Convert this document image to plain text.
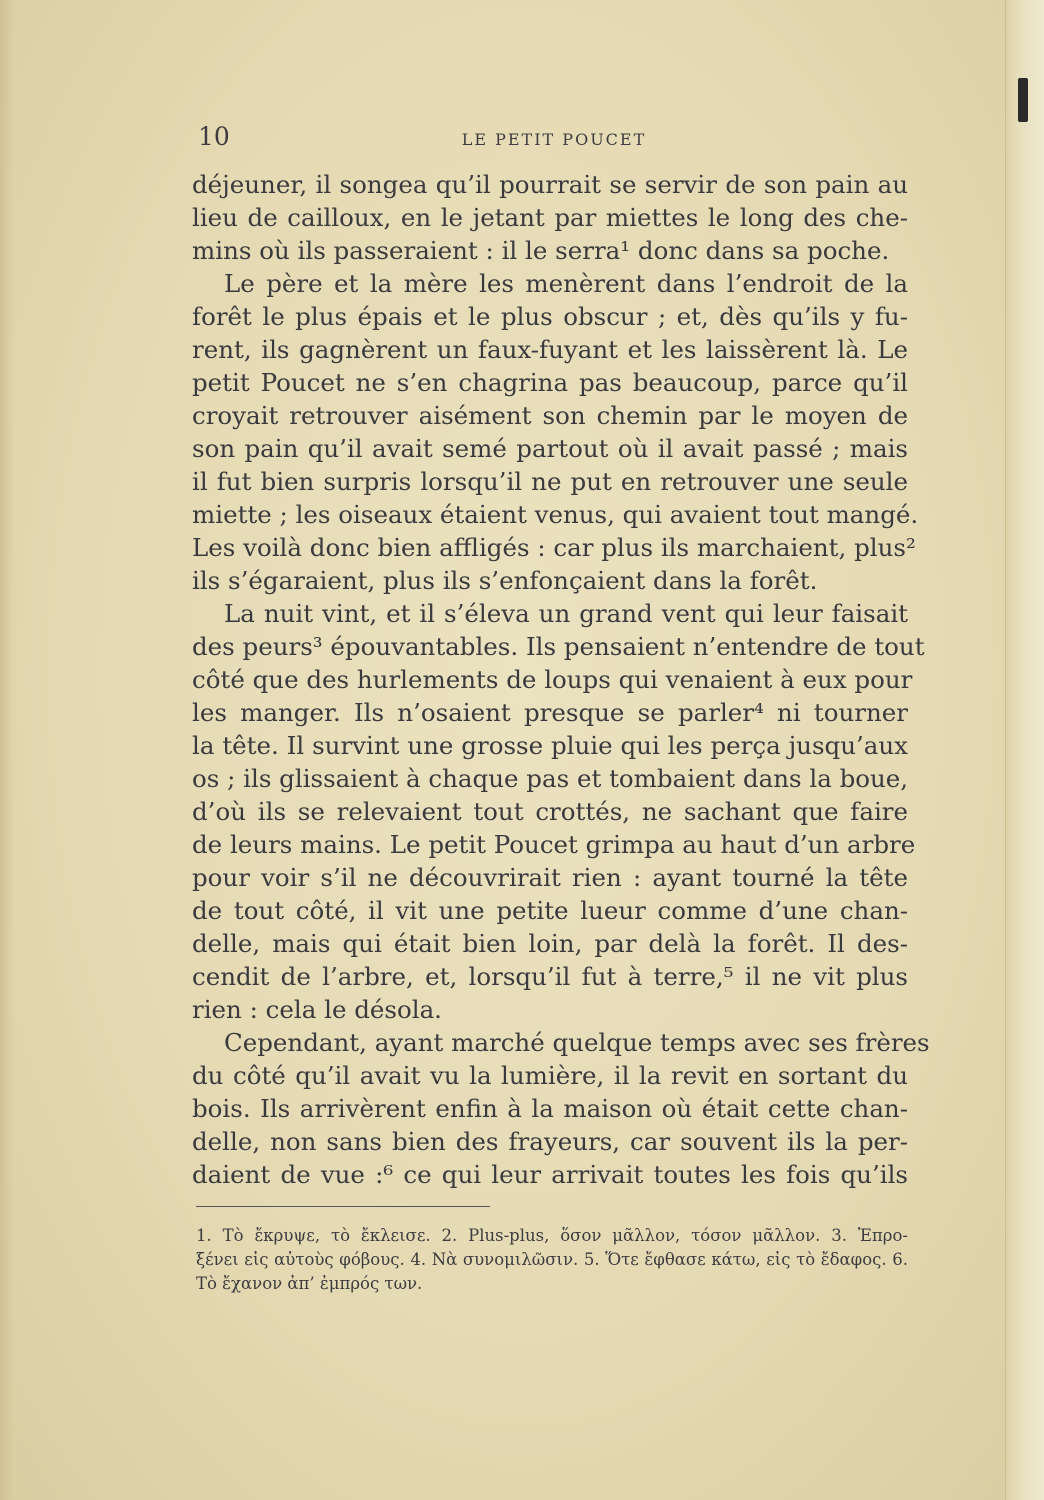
10	LE PETIT POUCET
déjeuner, il songea qu’il pourrait se servir de son pain au
lieu de cailloux, en le jetant par miettes le long des che-
mins où ils passeraient : il le serra¹ donc dans sa poche.
Le père et la mère les menèrent dans l’endroit de la
forêt le plus épais et le plus obscur ; et, dès qu’ils y fu-
rent, ils gagnèrent un faux-fuyant et les laissèrent là. Le
petit Poucet ne s’en chagrina pas beaucoup, parce qu’il
croyait retrouver aisément son chemin par le moyen de
son pain qu’il avait semé partout où il avait passé ; mais
il fut bien surpris lorsqu’il ne put en retrouver une seule
miette ; les oiseaux étaient venus, qui avaient tout mangé.
Les voilà donc bien affligés : car plus ils marchaient, plus²
ils s’égaraient, plus ils s’enfonçaient dans la forêt.
La nuit vint, et il s’éleva un grand vent qui leur faisait
des peurs³ épouvantables. Ils pensaient n’entendre de tout
côté que des hurlements de loups qui venaient à eux pour
les manger. Ils n’osaient presque se parler⁴ ni tourner
la tête. Il survint une grosse pluie qui les perça jusqu’aux
os ; ils glissaient à chaque pas et tombaient dans la boue,
d’où ils se relevaient tout crottés, ne sachant que faire
de leurs mains. Le petit Poucet grimpa au haut d’un arbre
pour voir s’il ne découvrirait rien : ayant tourné la tête
de tout côté, il vit une petite lueur comme d’une chan-
delle, mais qui était bien loin, par delà la forêt. Il des-
cendit de l’arbre, et, lorsqu’il fut à terre,⁵ il ne vit plus
rien : cela le désola.
Cependant, ayant marché quelque temps avec ses frères
du côté qu’il avait vu la lumière, il la revit en sortant du
bois. Ils arrivèrent enfin à la maison où était cette chan-
delle, non sans bien des frayeurs, car souvent ils la per-
daient de vue :⁶ ce qui leur arrivait toutes les fois qu’ils
1. Τὸ ἔκρυψε, τὸ ἔκλεισε. 2. Plus-plus, ὅσον μᾶλλον, τόσον μᾶλλον. 3. Ἐπρο-
ξένει εἰς αὐτοὺς φόβους. 4. Νὰ συνομιλῶσιν. 5. Ὅτε ἔφθασε κάτω, εἰς τὸ ἔδαφος. 6.
Τὸ ἔχανον ἀπ’ ἐμπρός των.
